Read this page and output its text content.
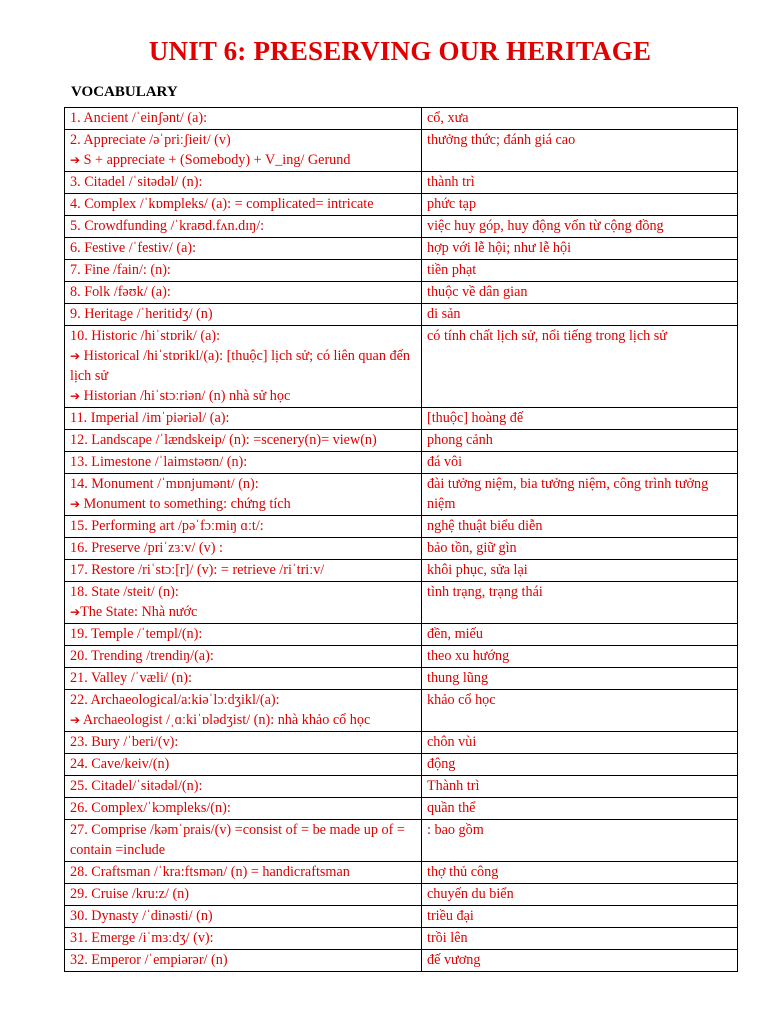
UNIT 6: PRESERVING OUR HERITAGE
VOCABULARY
1. Ancient /ˈeinʃənt/ (a):	cổ, xưa

2. Appreciate /əˈpriːʃieit/ (v)
➔ S + appreciate + (Somebody) + V_ing/ Gerund	thưởng thức; đánh giá cao

3. Citadel /ˈsitədəl/ (n):	thành trì

4. Complex /ˈkɒmpleks/ (a): = complicated= intricate	phức tạp

5. Crowdfunding /ˈkraʊd.fʌn.dɪŋ/:	việc huy góp, huy động vốn từ cộng đồng

6. Festive /ˈfestiv/ (a):	hợp với lễ hội; như lễ hội

7. Fine /fain/: (n):	tiền phạt

8. Folk /fəʊk/ (a):	thuộc về dân gian

9. Heritage /ˈheritidʒ/ (n)	di sản

10. Historic /hiˈstɒrik/ (a):
➔ Historical /hiˈstɒrikl/(a): [thuộc] lịch sử; có liên quan đến lịch sử
➔ Historian /hiˈstɔːriən/ (n) nhà sử học	có tính chất lịch sử, nổi tiếng trong lịch sử

11. Imperial /imˈpiəriəl/ (a):	[thuộc] hoàng đế

12. Landscape /ˈlændskeip/ (n): =scenery(n)= view(n)	phong cảnh

13. Limestone /ˈlaimstəʊn/ (n):	đá vôi

14. Monument /ˈmɒnjumənt/ (n):
➔ Monument to something: chứng tích	đài tưởng niệm, bia tưởng niệm, công trình tưởng niệm

15. Performing art /pəˈfɔːmiŋ ɑːt/:	nghệ thuật biểu diễn

16. Preserve /priˈzɜːv/ (v) :	bảo tồn, giữ gìn

17. Restore /riˈstɔː[r]/ (v): = retrieve /riˈtriːv/	khôi phục, sửa lại

18. State /steit/ (n):
➔The State: Nhà nước	tình trạng, trạng thái

19. Temple /ˈtempl/(n):	đền, miếu

20. Trending /trendiŋ/(a):	theo xu hướng

21. Valley /ˈvæli/ (n):	thung lũng

22. Archaeological/a:kiəˈlɔːdʒikl/(a):
➔ Archaeologist /ˌɑːkiˈɒlədʒist/ (n): nhà khảo cổ học	khảo cổ học

23. Bury /ˈberi/(v):	chôn vùi

24. Cave/keiv/(n)	động

25. Citadel/ˈsitədəl/(n):	Thành trì

26. Complex/ˈkɔmpleks/(n):	quần thể

27. Comprise /kəmˈprais/(v) =consist of = be made up of = contain =include	: bao gồm

28. Craftsman /ˈkra:ftsmən/ (n) = handicraftsman	thợ thủ công

29. Cruise /kru:z/ (n)	chuyến du biển

30. Dynasty /ˈdinəsti/ (n)	triều đại

31. Emerge /iˈmɜːdʒ/ (v):	trồi lên

32. Emperor /ˈempiərər/ (n)	đế vương
